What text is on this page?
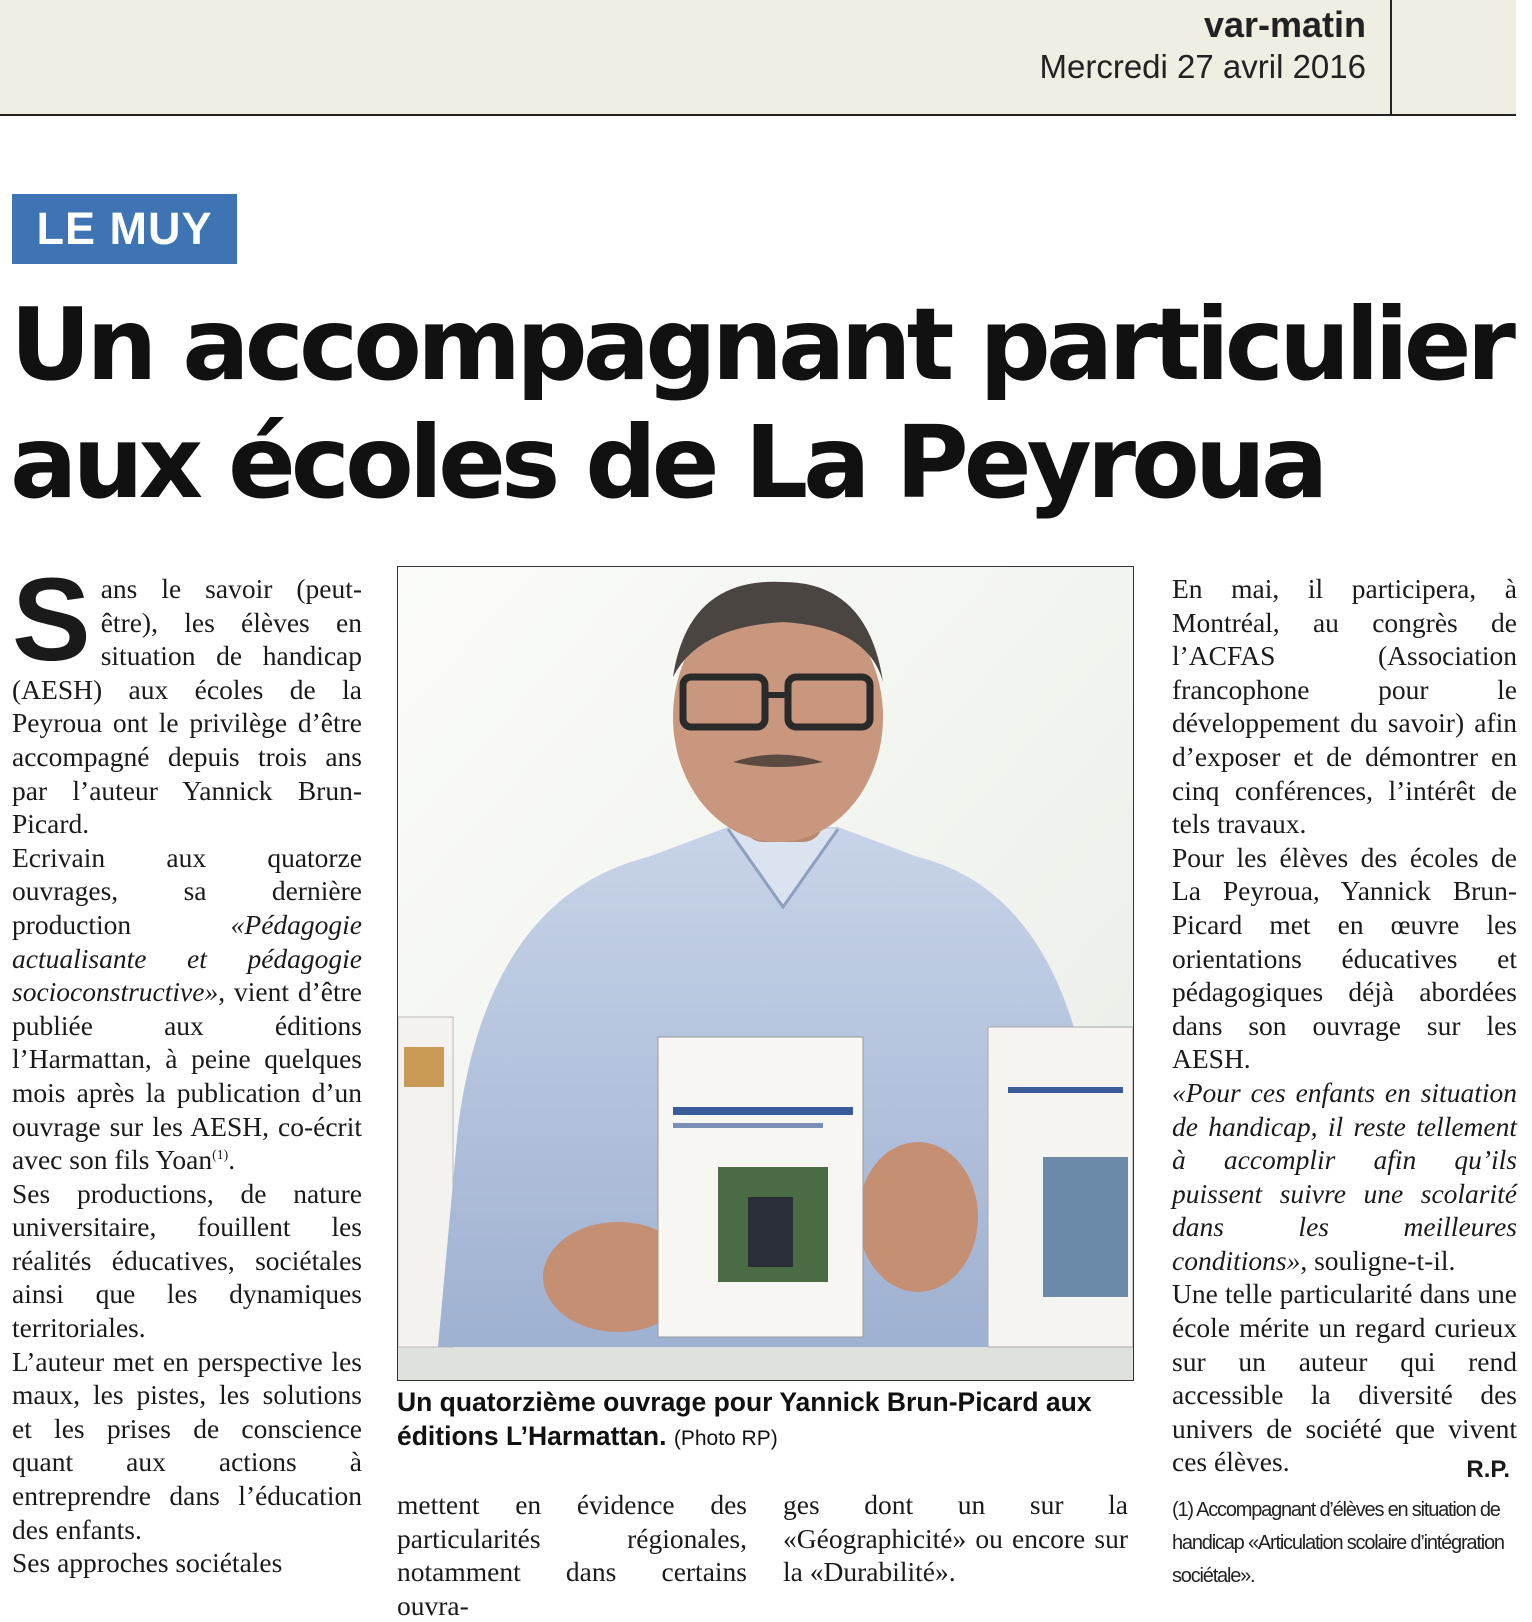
var-matin
Mercredi 27 avril 2016
LE MUY
Un accompagnant particulier
aux écoles de La Peyroua

Sans le savoir (peut-être), les élèves en situation de handicap (AESH) aux écoles de la Peyroua ont le privilège d’être accompagné depuis trois ans par l’auteur Yannick Brun-Picard.

Ecrivain aux quatorze ouvrages, sa dernière production «Pédagogie actualisante et pédagogie socioconstructive», vient d’être publiée aux éditions l’Harmattan, à peine quelques mois après la publication d’un ouvrage sur les AESH, co-écrit avec son fils Yoan$^{(1)}$.

Ses productions, de nature universitaire, fouillent les réalités éducatives, sociétales ainsi que les dynamiques territoriales.

L’auteur met en perspective les maux, les pistes, les solutions et les prises de conscience quant aux actions à entreprendre dans l’éducation des enfants.

Ses approches sociétales

Un quatorzième ouvrage pour Yannick Brun-Picard aux éditions L’Harmattan. (Photo RP)
mettent en évidence des particularités régionales, notamment dans certains ouvra-
ges dont un sur la «Géographicité» ou encore sur la «Durabilité».

En mai, il participera, à Montréal, au congrès de l’ACFAS (Association francophone pour le développement du savoir) afin d’exposer et de démontrer en cinq conférences, l’intérêt de tels travaux.

Pour les élèves des écoles de La Peyroua, Yannick Brun-Picard met en œuvre les orientations éducatives et pédagogiques déjà abordées dans son ouvrage sur les AESH.

«Pour ces enfants en situation de handicap, il reste tellement à accomplir afin qu’ils puissent suivre une scolarité dans les meilleures conditions», souligne-t-il.

Une telle particularité dans une école mérite un regard curieux sur un auteur qui rend accessible la diversité des univers de société que vivent ces élèves.	R.P.
(1) Accompagnant d’élèves en situation de handicap «Articulation scolaire d’intégration sociétale».
